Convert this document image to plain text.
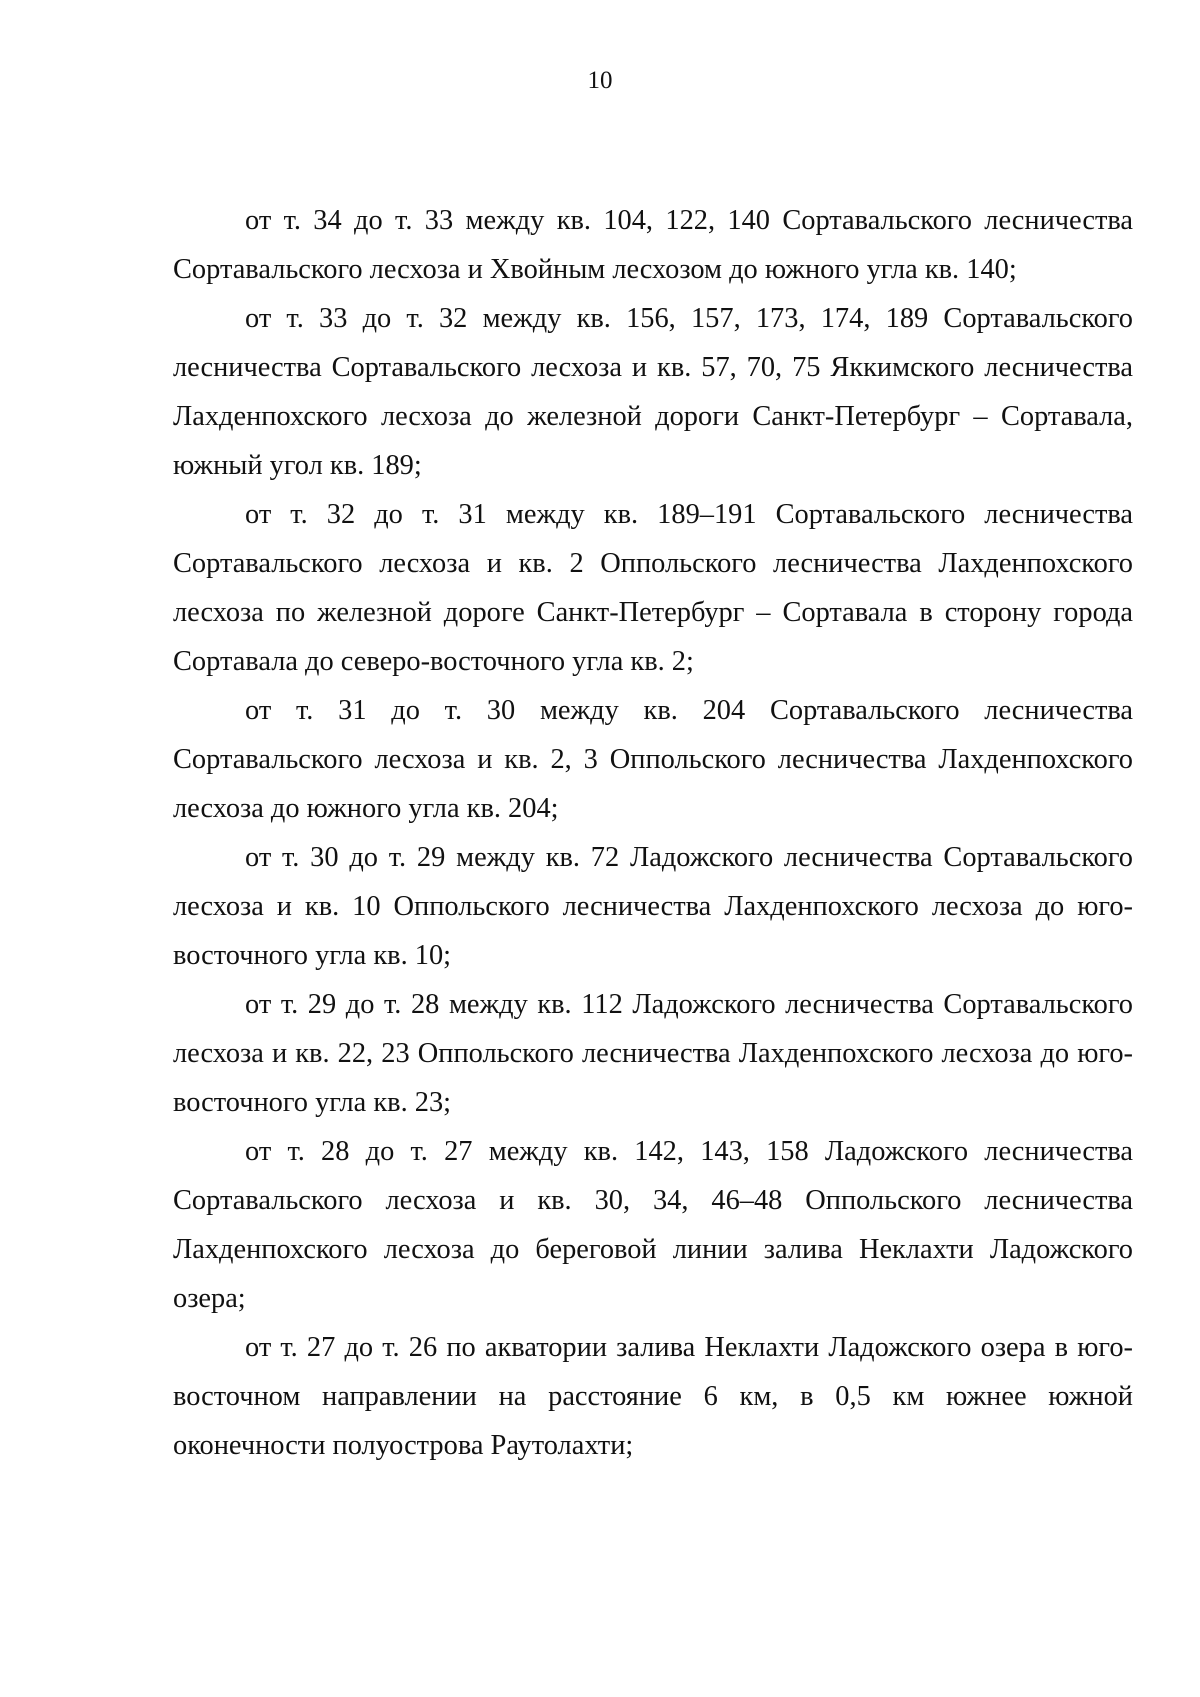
10

от т. 34 до т. 33 между кв. 104, 122, 140 Сортавальского лесничества Сортавальского лесхоза и Хвойным лесхозом до южного угла кв. 140;

от т. 33 до т. 32 между кв. 156, 157, 173, 174, 189 Сортавальского лесничества Сортавальского лесхоза и кв. 57, 70, 75 Яккимского лесничества Лахденпохского лесхоза до железной дороги Санкт-Петербург – Сортавала, южный угол кв. 189;

от т. 32 до т. 31 между кв. 189–191 Сортавальского лесничества Сортавальского лесхоза и кв. 2 Оппольского лесничества Лахденпохского лесхоза по железной дороге Санкт-Петербург – Сортавала в сторону города Сортавала до северо-восточного угла кв. 2;

от т. 31 до т. 30 между кв. 204 Сортавальского лесничества Сортавальского лесхоза и кв. 2, 3 Оппольского лесничества Лахденпохского лесхоза до южного угла кв. 204;

от т. 30 до т. 29 между кв. 72 Ладожского лесничества Сортавальского лесхоза и кв. 10 Оппольского лесничества Лахденпохского лесхоза до юго-восточного угла кв. 10;

от т. 29 до т. 28 между кв. 112 Ладожского лесничества Сортавальского лесхоза и кв. 22, 23 Оппольского лесничества Лахденпохского лесхоза до юго-восточного угла кв. 23;

от т. 28 до т. 27 между кв. 142, 143, 158 Ладожского лесничества Сортавальского лесхоза и кв. 30, 34, 46–48 Оппольского лесничества Лахденпохского лесхоза до береговой линии залива Неклахти Ладожского озера;

от т. 27 до т. 26 по акватории залива Неклахти Ладожского озера в юго-восточном направлении на расстояние 6 км, в 0,5 км южнее южной оконечности полуострова Раутолахти;
